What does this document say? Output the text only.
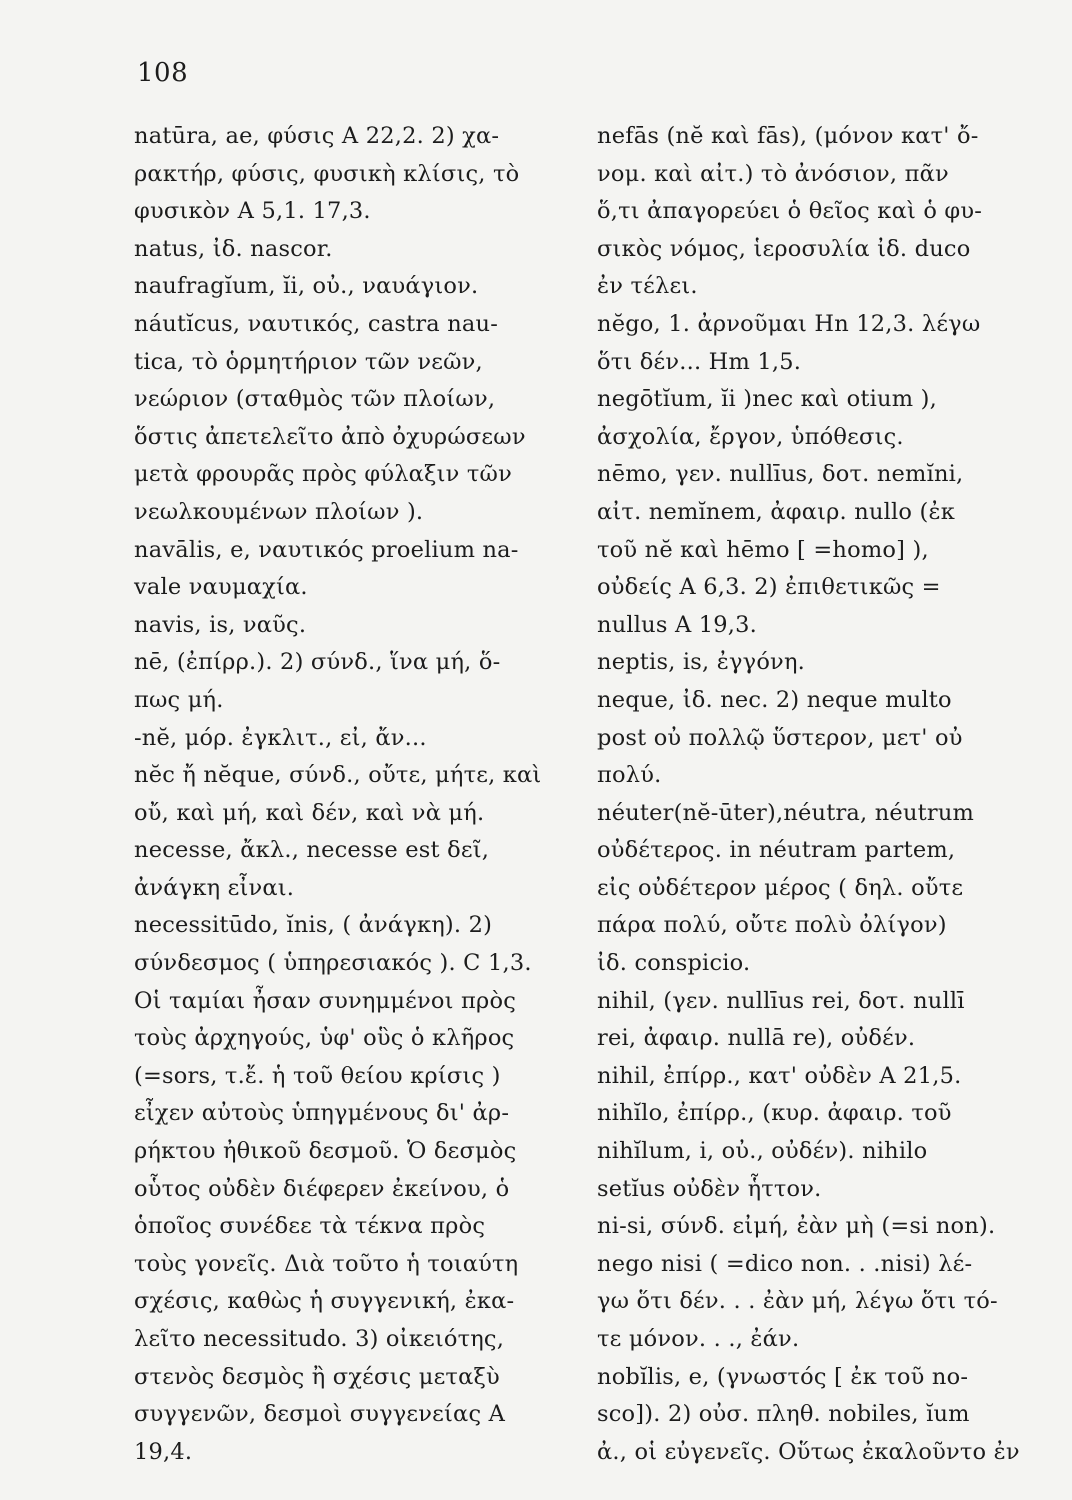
108
natūra, ae, φύσις Α 22,2. 2) χα-
ρακτήρ, φύσις, φυσικὴ κλίσις, τὸ
φυσικὸν Α 5,1. 17,3.
natus, ἰδ. nascor.
naufragĭum, ĭi, οὐ., ναυάγιον.
náutĭcus, ναυτικός, castra nau-
tica, τὸ ὁρμητήριον τῶν νεῶν,
νεώριον (σταθμὸς τῶν πλοίων,
ὅστις ἀπετελεῖτο ἀπὸ ὀχυρώσεων
μετὰ φρουρᾶς πρὸς φύλαξιν τῶν
νεωλκουμένων πλοίων ).
navālis, e, ναυτικός proelium na-
vale ναυμαχία.
navis, is, ναῦς.
nē, (ἐπίρρ.). 2) σύνδ., ἵνα μή, ὅ-
πως μή.
-nĕ, μόρ. ἐγκλιτ., εἰ, ἄν...
nĕc ἤ nĕque, σύνδ., οὔτε, μήτε, καὶ
οὔ, καὶ μή, καὶ δέν, καὶ νὰ μή.
necesse, ἄκλ., necesse est δεῖ,
ἀνάγκη εἶναι.
necessitūdo, ĭnis, ( ἀνάγκη). 2)
σύνδεσμος ( ὑπηρεσιακός ). C 1,3.
Οἱ ταμίαι ἦσαν συνημμένοι πρὸς
τοὺς ἀρχηγούς, ὑφ' οὓς ὁ κλῆρος
(=sors, τ.ἔ. ἡ τοῦ θείου κρίσις )
εἶχεν αὐτοὺς ὑπηγμένους δι' ἀρ-
ρήκτου ἠθικοῦ δεσμοῦ. Ὁ δεσμὸς
οὗτος οὐδὲν διέφερεν ἐκείνου, ὁ
ὁποῖος συνέδεε τὰ τέκνα πρὸς
τοὺς γονεῖς. Διὰ τοῦτο ἡ τοιαύτη
σχέσις, καθὼς ἡ συγγενική, ἐκα-
λεῖτο necessitudo. 3) οἰκειότης,
στενὸς δεσμὸς ἢ σχέσις μεταξὺ
συγγενῶν, δεσμοὶ συγγενείας Α
19,4.
nefās (nĕ καὶ fās), (μόνον κατ' ὄ-
νομ. καὶ αἰτ.) τὸ ἀνόσιον, πᾶν
ὅ,τι ἀπαγορεύει ὁ θεῖος καὶ ὁ φυ-
σικὸς νόμος, ἱεροσυλία ἰδ. duco
ἐν τέλει.
nĕgo, 1. ἀρνοῦμαι Hn 12,3. λέγω
ὅτι δέν... Hm 1,5.
negōtĭum, ĭi )nec καὶ otium ),
ἀσχολία, ἔργον, ὑπόθεσις.
nēmo, γεν. nullīus, δοτ. nemĭni,
αἰτ. nemĭnem, ἀφαιρ. nullo (ἐκ
τοῦ nĕ καὶ hēmo [ =homo] ),
οὐδείς Α 6,3. 2) ἐπιθετικῶς =
nullus Α 19,3.
neptis, is, ἐγγόνη.
neque, ἰδ. nec. 2) neque multo
post οὐ πολλῷ ὕστερον, μετ' οὐ
πολύ.
néuter(nĕ-ūter),néutra, néutrum
οὐδέτερος. in néutram partem,
εἰς οὐδέτερον μέρος ( δηλ. οὔτε
πάρα πολύ, οὔτε πολὺ ὀλίγον)
ἰδ. conspicio.
nihil, (γεν. nullīus rei, δοτ. nullī
rei, ἀφαιρ. nullā re), οὐδέν.
nihil, ἐπίρρ., κατ' οὐδὲν Α 21,5.
nihĭlo, ἐπίρρ., (κυρ. ἀφαιρ. τοῦ
nihĭlum, i, οὐ., οὐδέν). nihilo
setĭus οὐδὲν ἧττον.
ni-si, σύνδ. εἰμή, ἐὰν μὴ (=si non).
nego nisi ( =dico non. . .nisi) λέ-
γω ὅτι δέν. . . ἐὰν μή, λέγω ὅτι τό-
τε μόνον. . ., ἐάν.
nobĭlis, e, (γνωστός [ ἐκ τοῦ no-
sco]). 2) οὐσ. πληθ. nobiles, ĭum
ἀ., οἱ εὐγενεῖς. Οὕτως ἐκαλοῦντο ἐν
